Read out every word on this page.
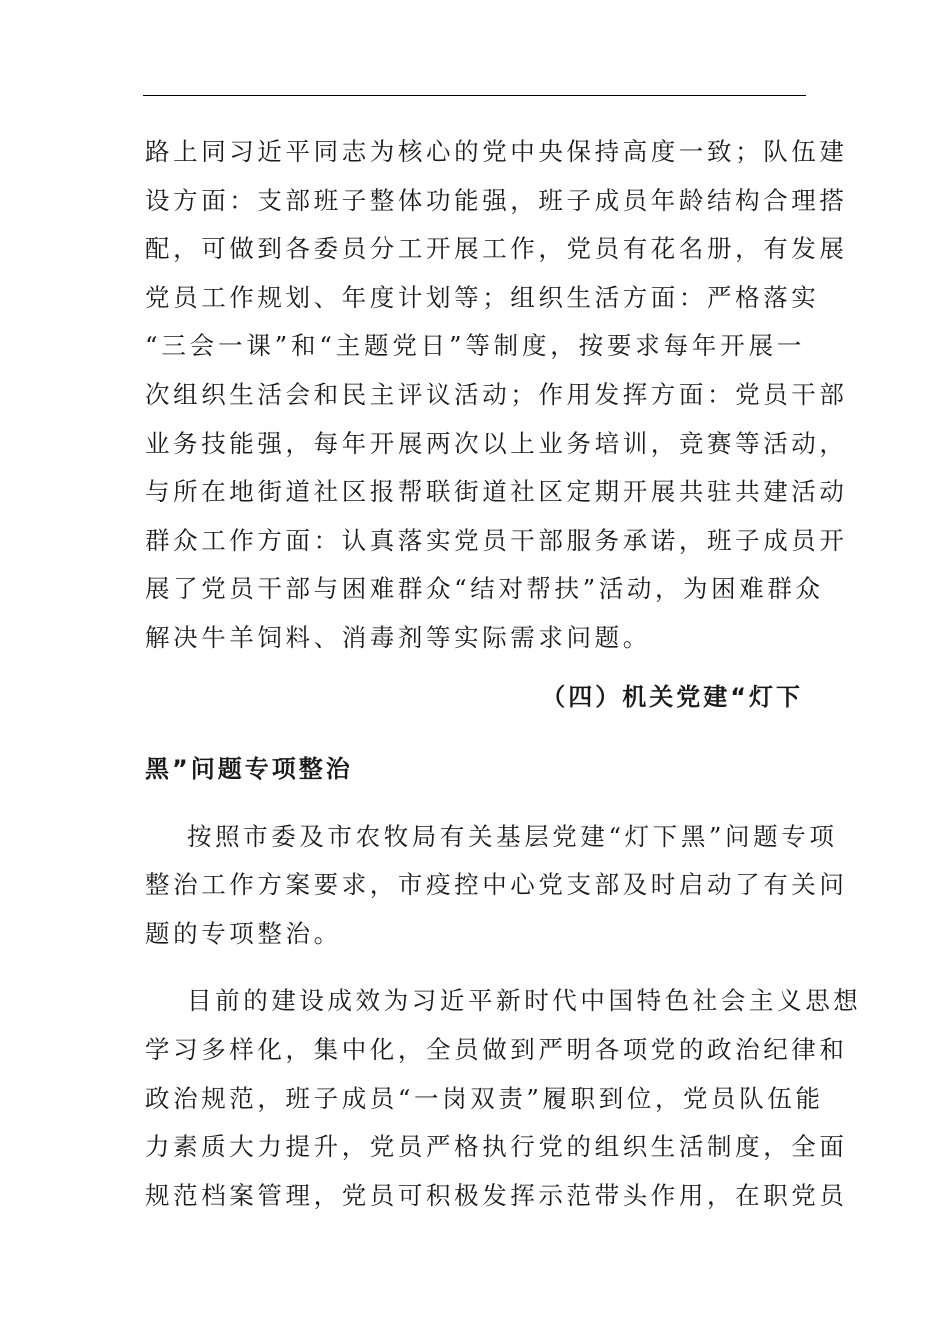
路上同习近平同志为核心的党中央保持高度一致；队伍建
设方面：支部班子整体功能强，班子成员年龄结构合理搭
配，可做到各委员分工开展工作，党员有花名册，有发展
党员工作规划、年度计划等；组织生活方面：严格落实
“三会一课”和“主题党日”等制度，按要求每年开展一
次组织生活会和民主评议活动；作用发挥方面：党员干部
业务技能强，每年开展两次以上业务培训，竞赛等活动，
与所在地街道社区报帮联街道社区定期开展共驻共建活动
群众工作方面：认真落实党员干部服务承诺，班子成员开
展了党员干部与困难群众“结对帮扶”活动，为困难群众
解决牛羊饲料、消毒剂等实际需求问题。
（四）机关党建“灯下
黑”问题专项整治
按照市委及市农牧局有关基层党建“灯下黑”问题专项
整治工作方案要求，市疫控中心党支部及时启动了有关问
题的专项整治。
目前的建设成效为习近平新时代中国特色社会主义思想
学习多样化，集中化，全员做到严明各项党的政治纪律和
政治规范，班子成员“一岗双责”履职到位，党员队伍能
力素质大力提升，党员严格执行党的组织生活制度，全面
规范档案管理，党员可积极发挥示范带头作用，在职党员
